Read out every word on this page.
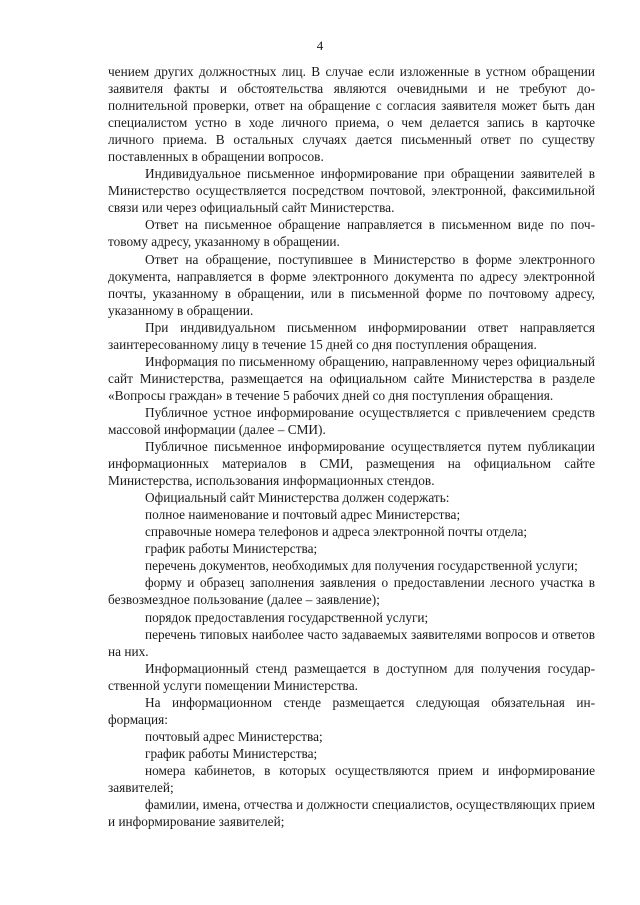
4

чением других должностных лиц. В случае если изложенные в устном обращении заявителя факты и обстоятельства являются очевидными и не требуют дополнительной проверки, ответ на обращение с согласия заявителя может быть дан специалистом устно в ходе личного приема, о чем делается запись в карточке личного приема. В остальных случаях дается письменный ответ по существу поставленных в обращении вопросов.

Индивидуальное письменное информирование при обращении заявителей в Министерство осуществляется посредством почтовой, электронной, факсимильной связи или через официальный сайт Министерства.

Ответ на письменное обращение направляется в письменном виде по почтовому адресу, указанному в обращении.

Ответ на обращение, поступившее в Министерство в форме электронного документа, направляется в форме электронного документа по адресу электронной почты, указанному в обращении, или в письменной форме по почтовому адресу, указанному в обращении.

При индивидуальном письменном информировании ответ направляется заинтересованному лицу в течение 15 дней со дня поступления обращения.

Информация по письменному обращению, направленному через официальный сайт Министерства, размещается на официальном сайте Министерства в разделе «Вопросы граждан» в течение 5 рабочих дней со дня поступления обращения.

Публичное устное информирование осуществляется с привлечением средств массовой информации (далее – СМИ).

Публичное письменное информирование осуществляется путем публикации информационных материалов в СМИ, размещения на официальном сайте Министерства, использования информационных стендов.

Официальный сайт Министерства должен содержать:

полное наименование и почтовый адрес Министерства;

справочные номера телефонов и адреса электронной почты отдела;

график работы Министерства;

перечень документов, необходимых для получения государственной услуги;

форму и образец заполнения заявления о предоставлении лесного участка в безвозмездное пользование (далее – заявление);

порядок предоставления государственной услуги;

перечень типовых наиболее часто задаваемых заявителями вопросов и ответов на них.

Информационный стенд размещается в доступном для получения государственной услуги помещении Министерства.

На информационном стенде размещается следующая обязательная информация:

почтовый адрес Министерства;

график работы Министерства;

номера кабинетов, в которых осуществляются прием и информирование заявителей;

фамилии, имена, отчества и должности специалистов, осуществляющих прием и информирование заявителей;
